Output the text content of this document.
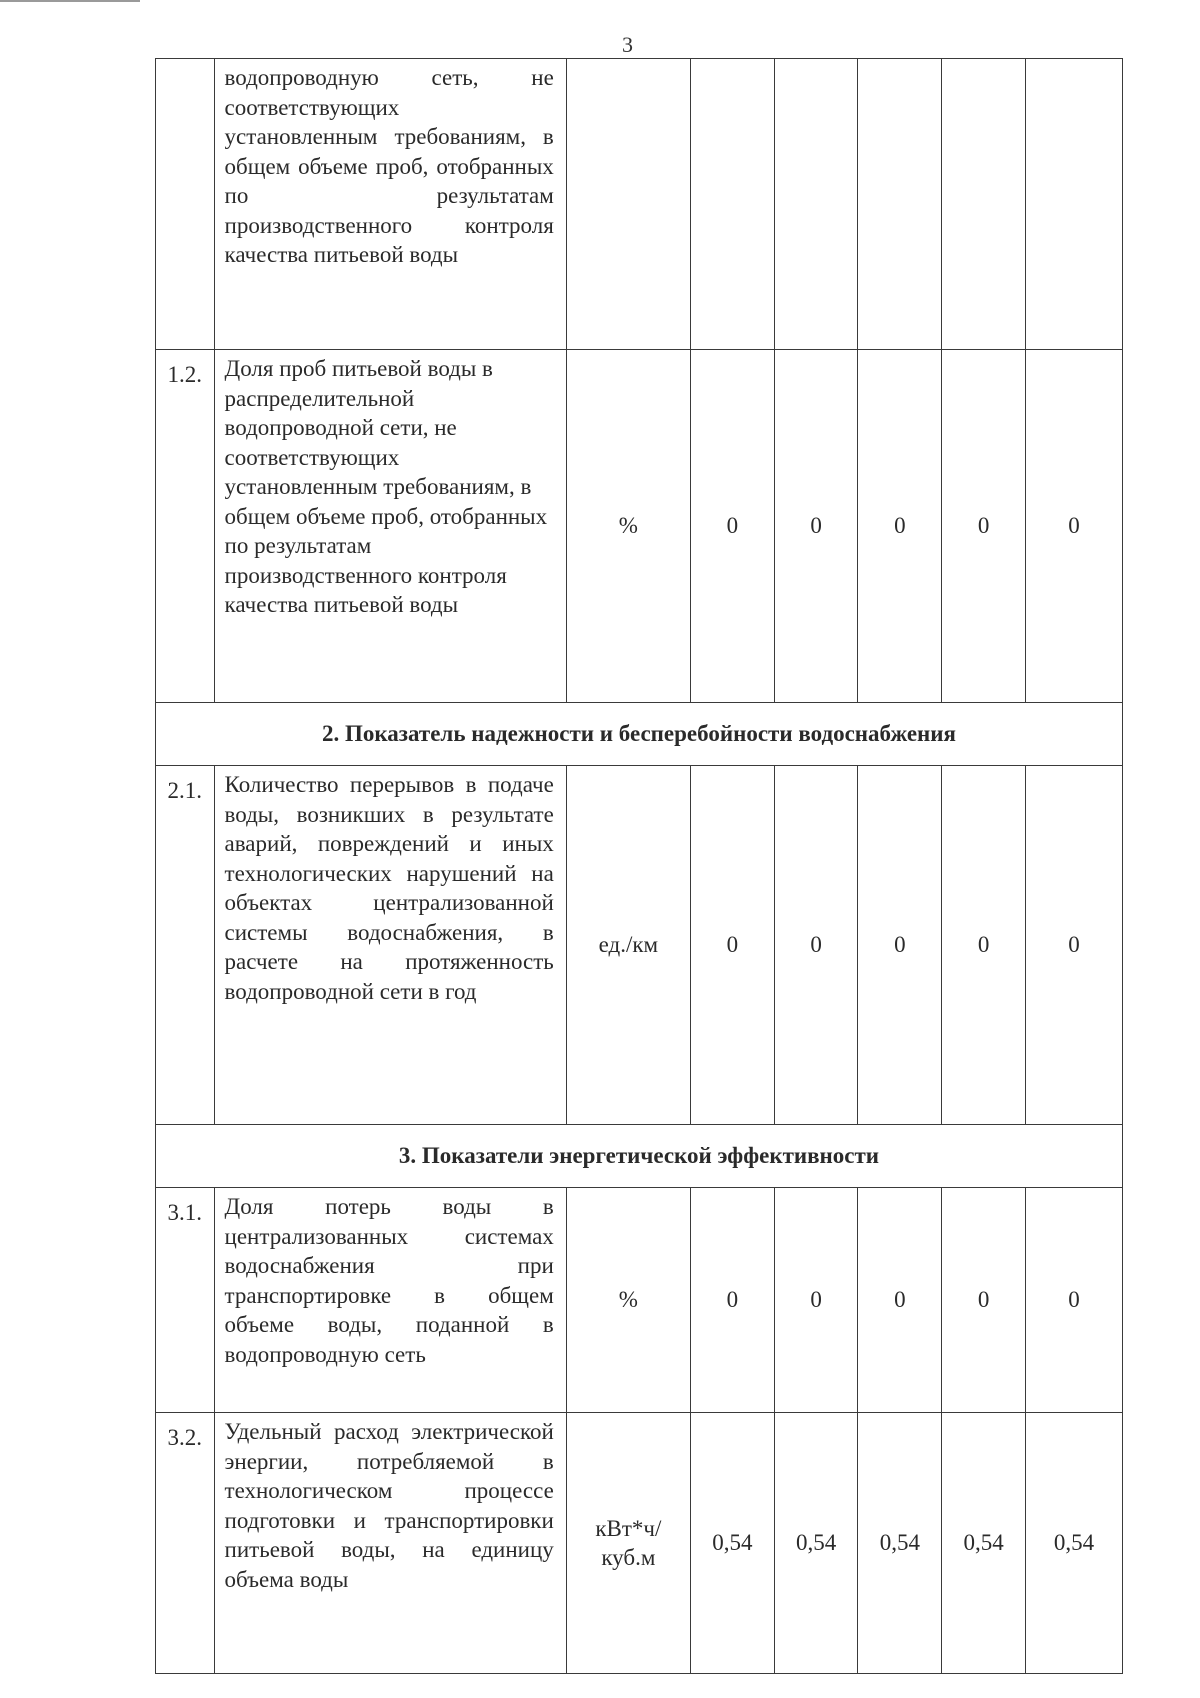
3
	водопроводную сеть, не соответствующих установленным требованиям, в общем объеме проб, отобранных по результатам производственного контроля качества питьевой воды						
1.2.	Доля проб питьевой воды в распределительной водопроводной сети, не соответствующих установленным требованиям, в общем объеме проб, отобранных по результатам производственного контроля качества питьевой воды	%	0	0	0	0	0
2. Показатель надежности и бесперебойности водоснабжения							
2.1.	Количество перерывов в подаче воды, возникших в результате аварий, повреждений и иных технологических нарушений на объектах централизованной системы водоснабжения, в расчете на протяженность водопроводной сети в год	ед./км	0	0	0	0	0
3. Показатели энергетической эффективности							
3.1.	Доля потерь воды в централизованных системах водоснабжения при транспортировке в общем объеме воды, поданной в водопроводную сеть	%	0	0	0	0	0
3.2.	Удельный расход электрической энергии, потребляемой в технологическом процессе подготовки и транспортировки питьевой воды, на единицу объема воды	кВт*ч/ куб.м	0,54	0,54	0,54	0,54	0,54
